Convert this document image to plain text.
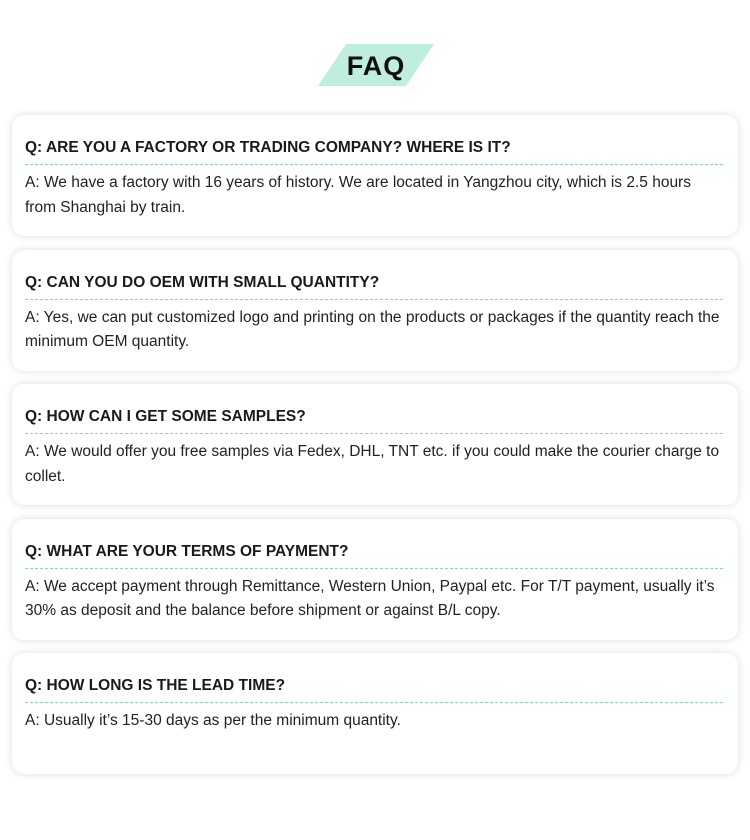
FAQ

Q: ARE YOU A FACTORY OR TRADING COMPANY? WHERE IS IT?

A: We have a factory with 16 years of history. We are located in Yangzhou city, which is 2.5 hours from Shanghai by train.

Q: CAN YOU DO OEM WITH SMALL QUANTITY?

A: Yes, we can put customized logo and printing on the products or packages if the quantity reach the minimum OEM quantity.

Q: HOW CAN I GET SOME SAMPLES?

A: We would offer you free samples via Fedex, DHL, TNT etc. if you could make the courier charge to collet.

Q: WHAT ARE YOUR TERMS OF PAYMENT?

A: We accept payment through Remittance, Western Union, Paypal etc. For T/T payment, usually it’s 30% as deposit and the balance before shipment or against B/L copy.

Q: HOW LONG IS THE LEAD TIME?

A: Usually it’s 15-30 days as per the minimum quantity.
